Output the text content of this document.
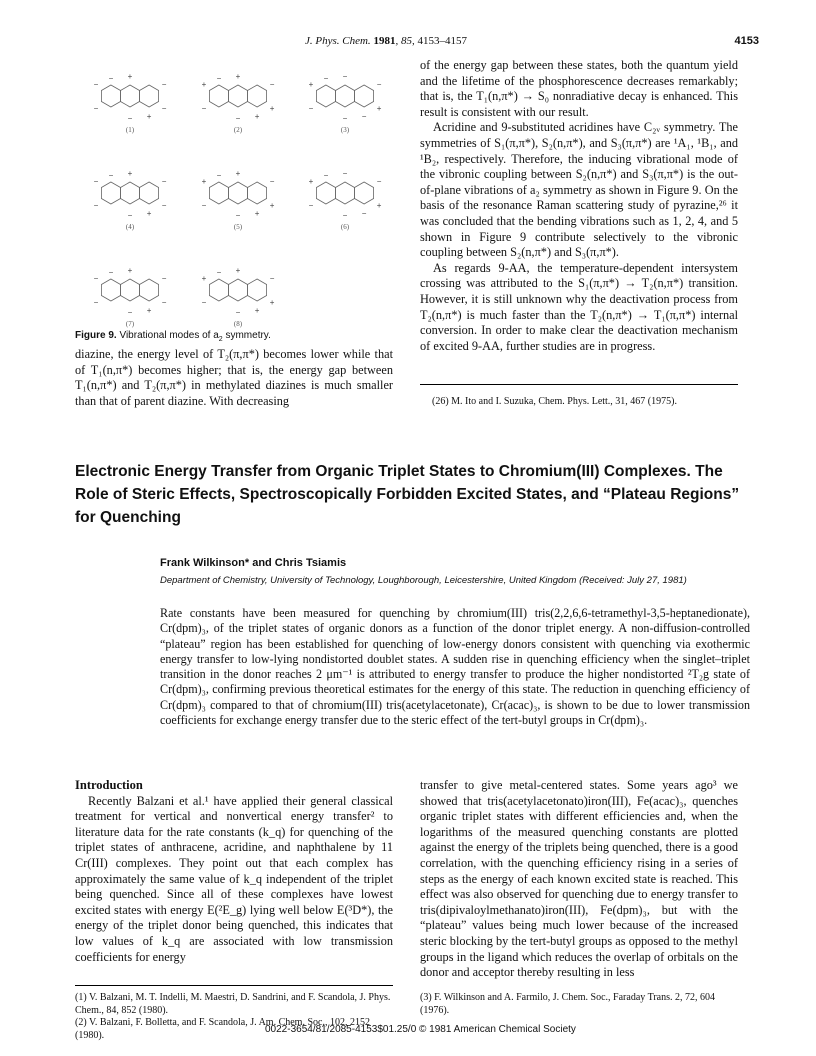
J. Phys. Chem. 1981, 85, 4153–4157	4153
−
−
−
−
+
−
−
+
(1)
+
−
−
+
+
−
−
+
(2)
+
−
−
+
−
−
−
−
(3)
−
−
−
−
+
−
−
+
(4)
+
−
−
+
+
−
−
+
(5)
+
−
−
+
−
−
−
−
(6)
−
−
−
−
+
−
−
+
(7)
+
−
−
+
+
−
−
+
(8)
Figure 9. Vibrational modes of $a_2$ symmetry.

diazine, the energy level of T₂(π,π*) becomes lower while that of T₁(n,π*) becomes higher; that is, the energy gap between T₁(n,π*) and T₂(π,π*) in methylated diazines is much smaller than that of parent diazine. With decreasing

of the energy gap between these states, both the quantum yield and the lifetime of the phosphorescence decreases remarkably; that is, the T₁(n,π*) → S₀ nonradiative decay is enhanced. This result is consistent with our result.

Acridine and 9-substituted acridines have C₂ᵥ symmetry. The symmetries of S₁(π,π*), S₂(n,π*), and S₃(π,π*) are ¹A₁, ¹B₁, and ¹B₂, respectively. Therefore, the inducing vibrational mode of the vibronic coupling between S₂(n,π*) and S₃(π,π*) is the out-of-plane vibrations of a₂ symmetry as shown in Figure 9. On the basis of the resonance Raman scattering study of pyrazine,²⁶ it was concluded that the bending vibrations such as 1, 2, 4, and 5 shown in Figure 9 contribute selectively to the vibronic coupling between S₂(n,π*) and S₃(π,π*).

As regards 9-AA, the temperature-dependent intersystem crossing was attributed to the S₁(π,π*) → T₂(n,π*) transition. However, it is still unknown why the deactivation process from T₂(n,π*) is much faster than the T₂(n,π*) → T₁(π,π*) internal conversion. In order to make clear the deactivation mechanism of excited 9-AA, further studies are in progress.

(26) M. Ito and I. Suzuka, Chem. Phys. Lett., 31, 467 (1975).
Electronic Energy Transfer from Organic Triplet States to Chromium(III) Complexes. The Role of Steric Effects, Spectroscopically Forbidden Excited States, and “Plateau Regions” for Quenching
Frank Wilkinson* and Chris Tsiamis
Department of Chemistry, University of Technology, Loughborough, Leicestershire, United Kingdom (Received: July 27, 1981)
Rate constants have been measured for quenching by chromium(III) tris(2,2,6,6-tetramethyl-3,5-heptanedionate), Cr(dpm)₃, of the triplet states of organic donors as a function of the donor triplet energy. A non-diffusion-controlled “plateau” region has been established for quenching of low-energy donors consistent with quenching via exothermic energy transfer to low-lying nondistorted doublet states. A sudden rise in quenching efficiency when the singlet–triplet transition in the donor reaches 2 μm⁻¹ is attributed to energy transfer to produce the higher nondistorted ²T₂g state of Cr(dpm)₃, confirming previous theoretical estimates for the energy of this state. The reduction in quenching efficiency of Cr(dpm)₃ compared to that of chromium(III) tris(acetylacetonate), Cr(acac)₃, is shown to be due to lower transmission coefficients for exchange energy transfer due to the steric effect of the tert-butyl groups in Cr(dpm)₃.
Introduction

Recently Balzani et al.¹ have applied their general classical treatment for vertical and nonvertical energy transfer² to literature data for the rate constants (k_q) for quenching of the triplet states of anthracene, acridine, and naphthalene by 11 Cr(III) complexes. They point out that each complex has approximately the same value of k_q independent of the triplet being quenched. Since all of these complexes have lowest excited states with energy E(²E_g) lying well below E(³D*), the energy of the triplet donor being quenched, this indicates that low values of k_q are associated with low transmission coefficients for energy

transfer to give metal-centered states. Some years ago³ we showed that tris(acetylacetonato)iron(III), Fe(acac)₃, quenches organic triplet states with different efficiencies and, when the logarithms of the measured quenching constants are plotted against the energy of the triplets being quenched, there is a good correlation, with the quenching efficiency rising in a series of steps as the energy of each known excited state is reached. This effect was also observed for quenching due to energy transfer to tris(dipivaloylmethanato)iron(III), Fe(dpm)₃, but with the “plateau” values being much lower because of the increased steric blocking by the tert-butyl groups as opposed to the methyl groups in the ligand which reduces the overlap of orbitals on the donor and acceptor thereby resulting in less

(1) V. Balzani, M. T. Indelli, M. Maestri, D. Sandrini, and F. Scandola, J. Phys. Chem., 84, 852 (1980).
(2) V. Balzani, F. Bolletta, and F. Scandola, J. Am. Chem. Soc., 102, 2152 (1980).
(3) F. Wilkinson and A. Farmilo, J. Chem. Soc., Faraday Trans. 2, 72, 604 (1976).
0022-3654/81/2085-4153$01.25/0 © 1981 American Chemical Society
